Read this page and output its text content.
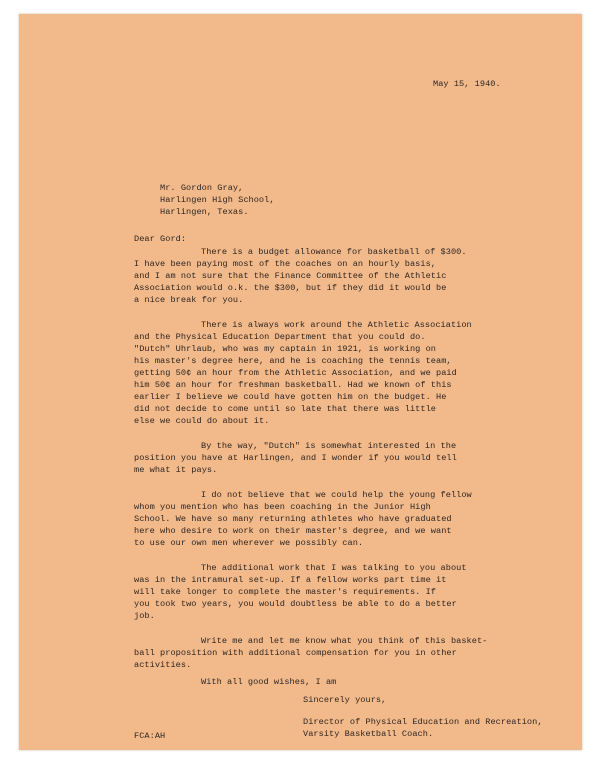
May 15, 1940.
Mr. Gordon Gray,
Harlingen High School,
Harlingen, Texas.
Dear Gord:
There is a budget allowance for basketball of $300.
I have been paying most of the coaches on an hourly basis,
and I am not sure that the Finance Committee of the Athletic
Association would o.k. the $300, but if they did it would be
a nice break for you.
There is always work around the Athletic Association
and the Physical Education Department that you could do.
"Dutch" Uhrlaub, who was my captain in 1921, is working on
his master's degree here, and he is coaching the tennis team,
getting 50¢ an hour from the Athletic Association, and we paid
him 50¢ an hour for freshman basketball. Had we known of this
earlier I believe we could have gotten him on the budget. He
did not decide to come until so late that there was little
else we could do about it.
By the way, "Dutch" is somewhat interested in the
position you have at Harlingen, and I wonder if you would tell
me what it pays.
I do not believe that we could help the young fellow
whom you mention who has been coaching in the Junior High
School. We have so many returning athletes who have graduated
here who desire to work on their master's degree, and we want
to use our own men wherever we possibly can.
The additional work that I was talking to you about
was in the intramural set-up. If a fellow works part time it
will take longer to complete the master's requirements. If
you took two years, you would doubtless be able to do a better
job.
Write me and let me know what you think of this basket-
ball proposition with additional compensation for you in other
activities.
With all good wishes, I am
Sincerely yours,
Director of Physical Education and Recreation,
Varsity Basketball Coach.
FCA:AH
